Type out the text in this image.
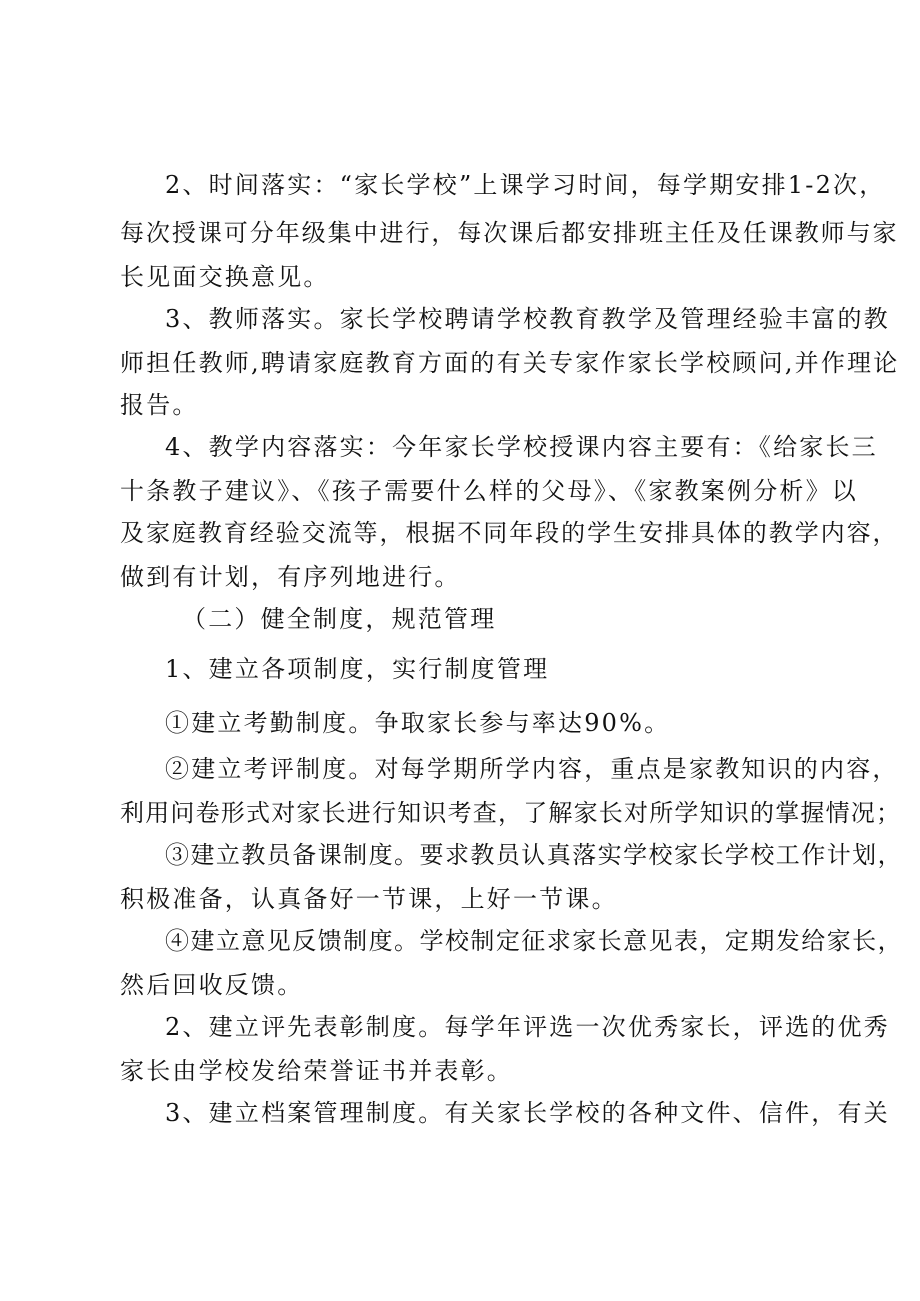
2、时间落实：“家长学校”上课学习时间，每学期安排1-2次，
每次授课可分年级集中进行，每次课后都安排班主任及任课教师与家
长见面交换意见。
3、教师落实。家长学校聘请学校教育教学及管理经验丰富的教
师担任教师,聘请家庭教育方面的有关专家作家长学校顾问,并作理论
报告。
4、教学内容落实：今年家长学校授课内容主要有：《给家长三
十条教子建议》、《孩子需要什么样的父母》、《家教案例分析》以
及家庭教育经验交流等，根据不同年段的学生安排具体的教学内容，
做到有计划，有序列地进行。
（二）健全制度，规范管理
1、建立各项制度，实行制度管理
①建立考勤制度。争取家长参与率达90%。
②建立考评制度。对每学期所学内容，重点是家教知识的内容，
利用问卷形式对家长进行知识考查，了解家长对所学知识的掌握情况；
③建立教员备课制度。要求教员认真落实学校家长学校工作计划，
积极准备，认真备好一节课，上好一节课。
④建立意见反馈制度。学校制定征求家长意见表，定期发给家长，
然后回收反馈。
2、建立评先表彰制度。每学年评选一次优秀家长，评选的优秀
家长由学校发给荣誉证书并表彰。
3、建立档案管理制度。有关家长学校的各种文件、信件，有关
